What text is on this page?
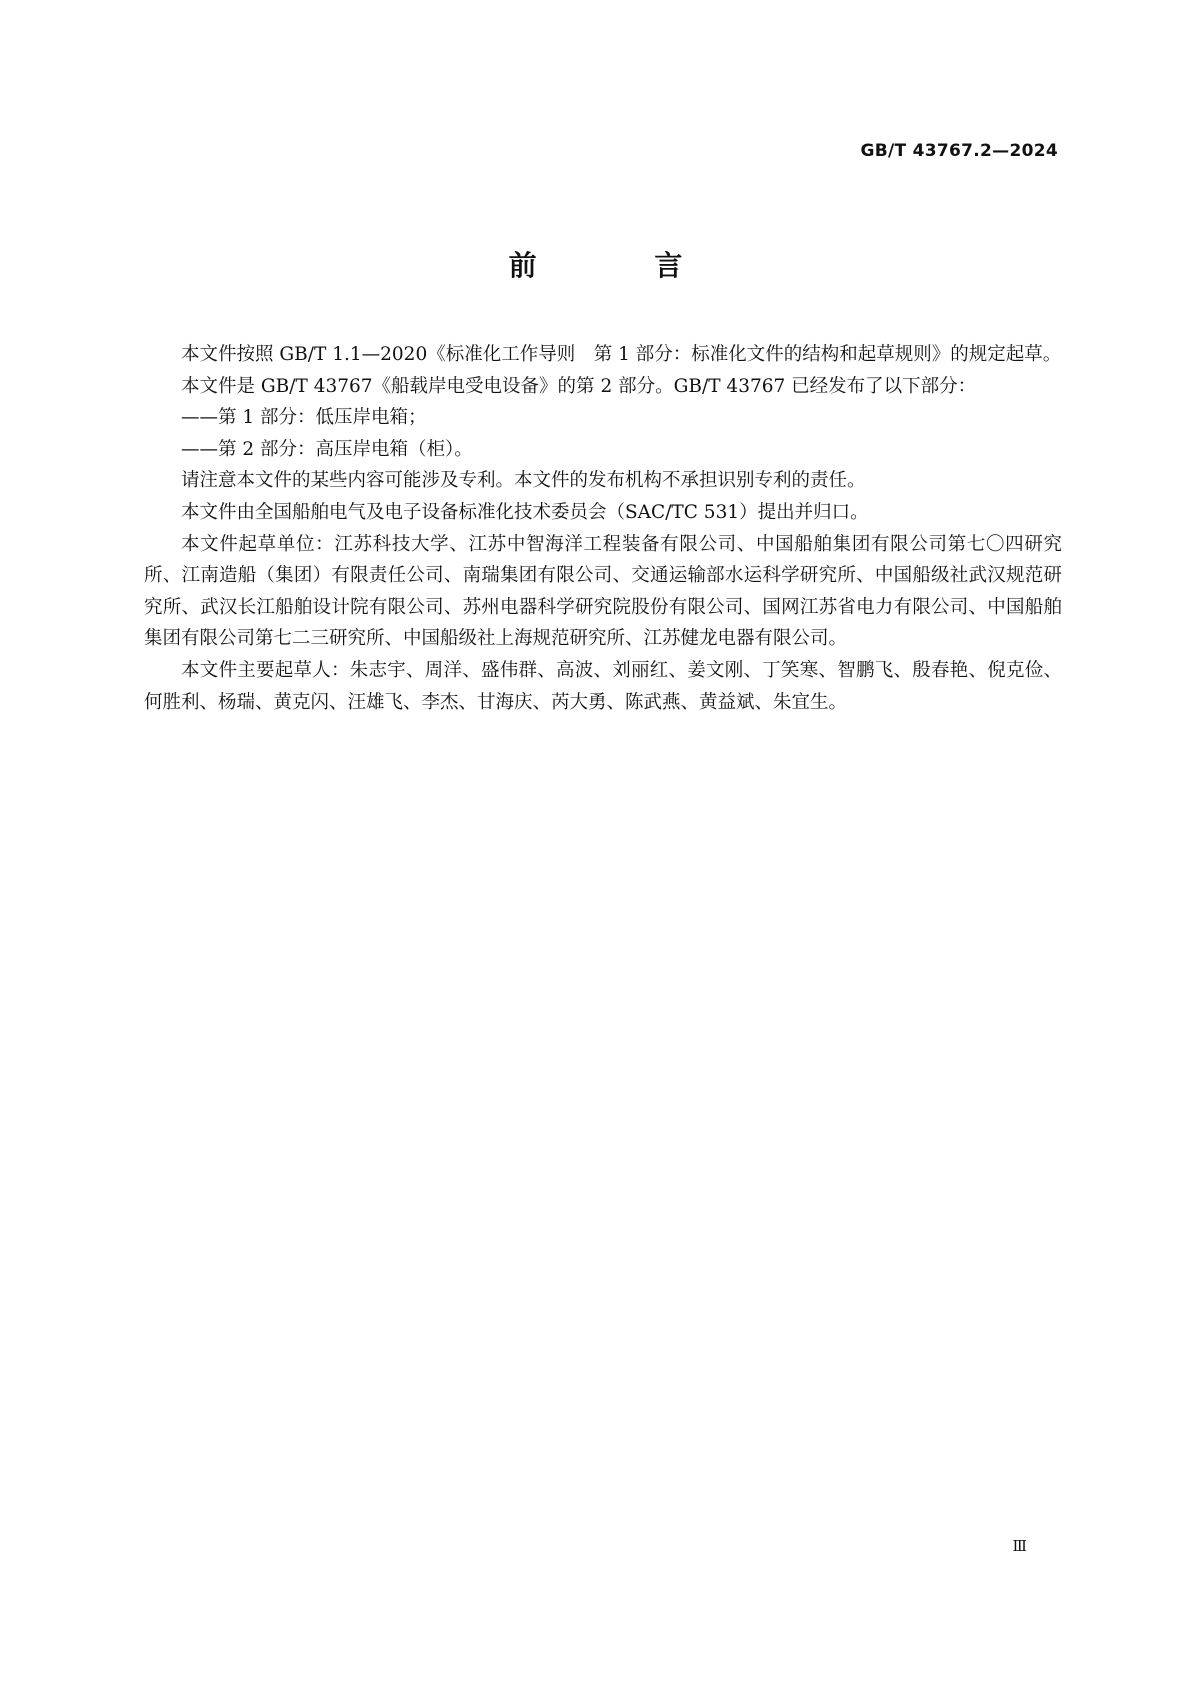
GB/T 43767.2—2024
前 言

本文件按照 GB/T 1.1—2020《标准化工作导则　第 1 部分：标准化文件的结构和起草规则》的规定起草。

本文件是 GB/T 43767《船载岸电受电设备》的第 2 部分。GB/T 43767 已经发布了以下部分：

——第 1 部分：低压岸电箱；

——第 2 部分：高压岸电箱（柜）。

请注意本文件的某些内容可能涉及专利。本文件的发布机构不承担识别专利的责任。

本文件由全国船舶电气及电子设备标准化技术委员会（SAC/TC 531）提出并归口。

本文件起草单位：江苏科技大学、江苏中智海洋工程装备有限公司、中国船舶集团有限公司第七〇四研究所、江南造船（集团）有限责任公司、南瑞集团有限公司、交通运输部水运科学研究所、中国船级社武汉规范研究所、武汉长江船舶设计院有限公司、苏州电器科学研究院股份有限公司、国网江苏省电力有限公司、中国船舶集团有限公司第七二三研究所、中国船级社上海规范研究所、江苏健龙电器有限公司。

本文件主要起草人：朱志宇、周洋、盛伟群、高波、刘丽红、姜文刚、丁笑寒、智鹏飞、殷春艳、倪克俭、何胜利、杨瑞、黄克闪、汪雄飞、李杰、甘海庆、芮大勇、陈武燕、黄益斌、朱宜生。

Ⅲ
